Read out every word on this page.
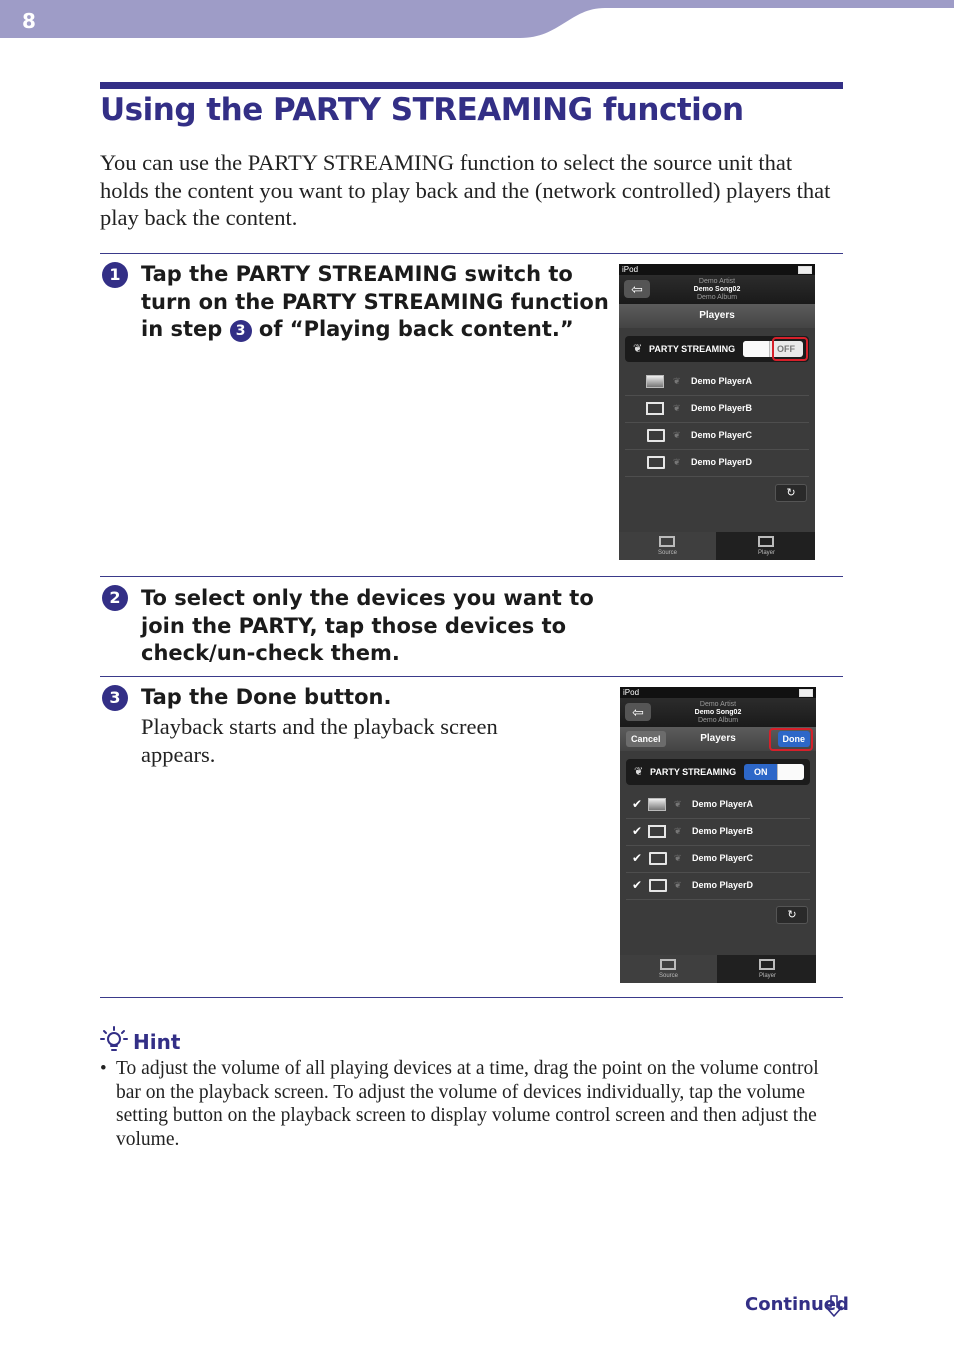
8
Using the PARTY STREAMING function
You can use the PARTY STREAMING function to select the source unit that holds the content you want to play back and the (network controlled) players that play back the content.
1 Tap the PARTY STREAMING switch to
turn on the PARTY STREAMING function
in step 3 of “Playing back content.”
iPod
⇦	Demo Artist
Demo Song02
Demo Album
Players
❦ PARTY STREAMING	OFF
❦ Demo PlayerA
❦ Demo PlayerB
❦ Demo PlayerC
❦ Demo PlayerD
↻
Source	Player
2 To select only the devices you want to
join the PARTY, tap those devices to
check/un-check them.
3 Tap the Done button.
Playback starts and the playback screen
appears.
iPod
⇦	Demo Artist
Demo Song02
Demo Album
Cancel	Players	Done
❦ PARTY STREAMING ON
✔	❦ Demo PlayerA
✔	❦ Demo PlayerB
✔	❦ Demo PlayerC
✔	❦ Demo PlayerD
↻
Source	Player
Hint
• To adjust the volume of all playing devices at a time, drag the point on the volume control bar on the playback screen. To adjust the volume of devices individually, tap the volume setting button on the playback screen to display volume control screen and then adjust the volume.
Continued
